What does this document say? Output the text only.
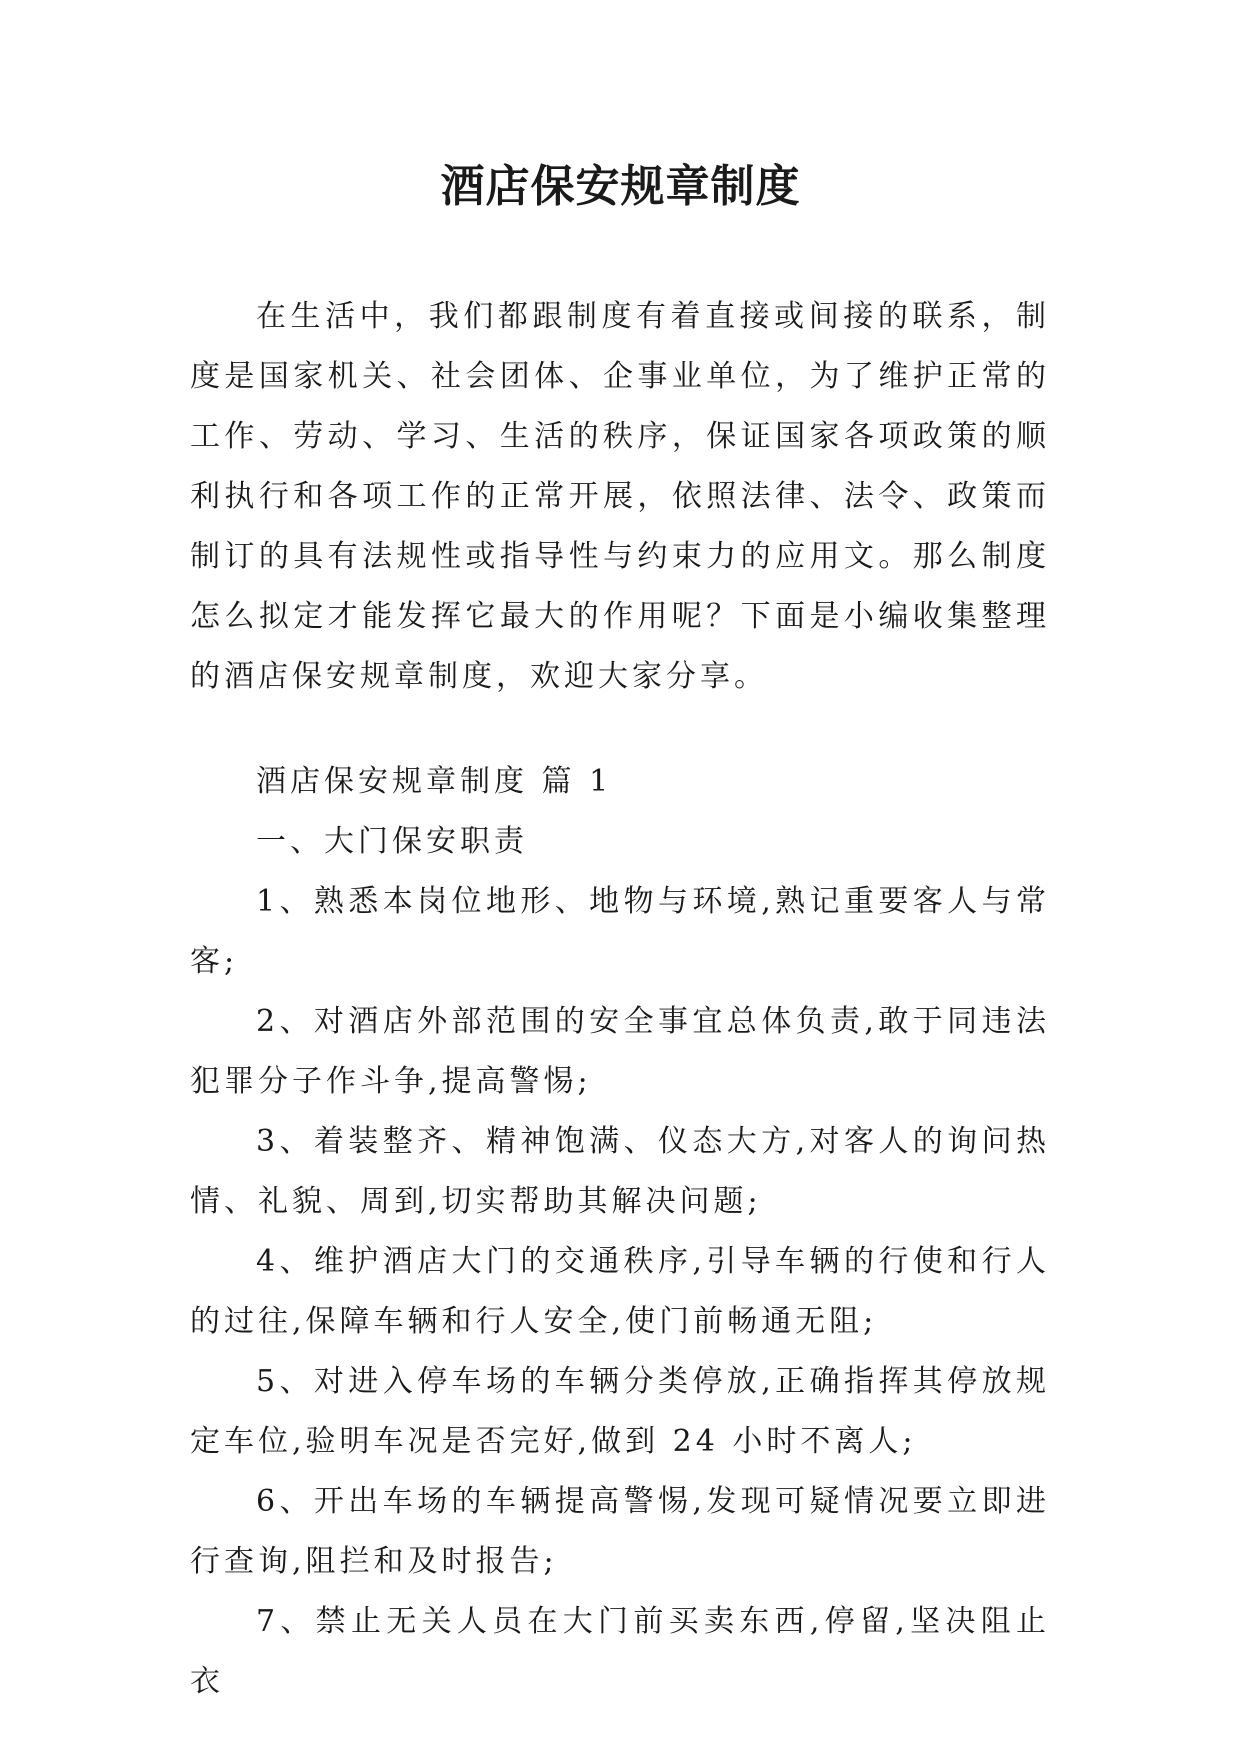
酒店保安规章制度

在生活中，我们都跟制度有着直接或间接的联系，制度是国家机关、社会团体、企事业单位，为了维护正常的工作、劳动、学习、生活的秩序，保证国家各项政策的顺利执行和各项工作的正常开展，依照法律、法令、政策而制订的具有法规性或指导性与约束力的应用文。那么制度怎么拟定才能发挥它最大的作用呢？下面是小编收集整理的酒店保安规章制度，欢迎大家分享。

酒店保安规章制度 篇 1

一、大门保安职责

1、熟悉本岗位地形、地物与环境,熟记重要客人与常客;

2、对酒店外部范围的安全事宜总体负责,敢于同违法犯罪分子作斗争,提高警惕;

3、着装整齐、精神饱满、仪态大方,对客人的询问热情、礼貌、周到,切实帮助其解决问题;

4、维护酒店大门的交通秩序,引导车辆的行使和行人的过往,保障车辆和行人安全,使门前畅通无阻;

5、对进入停车场的车辆分类停放,正确指挥其停放规定车位,验明车况是否完好,做到 24 小时不离人;

6、开出车场的车辆提高警惕,发现可疑情况要立即进行查询,阻拦和及时报告;

7、禁止无关人员在大门前买卖东西,停留,坚决阻止衣
